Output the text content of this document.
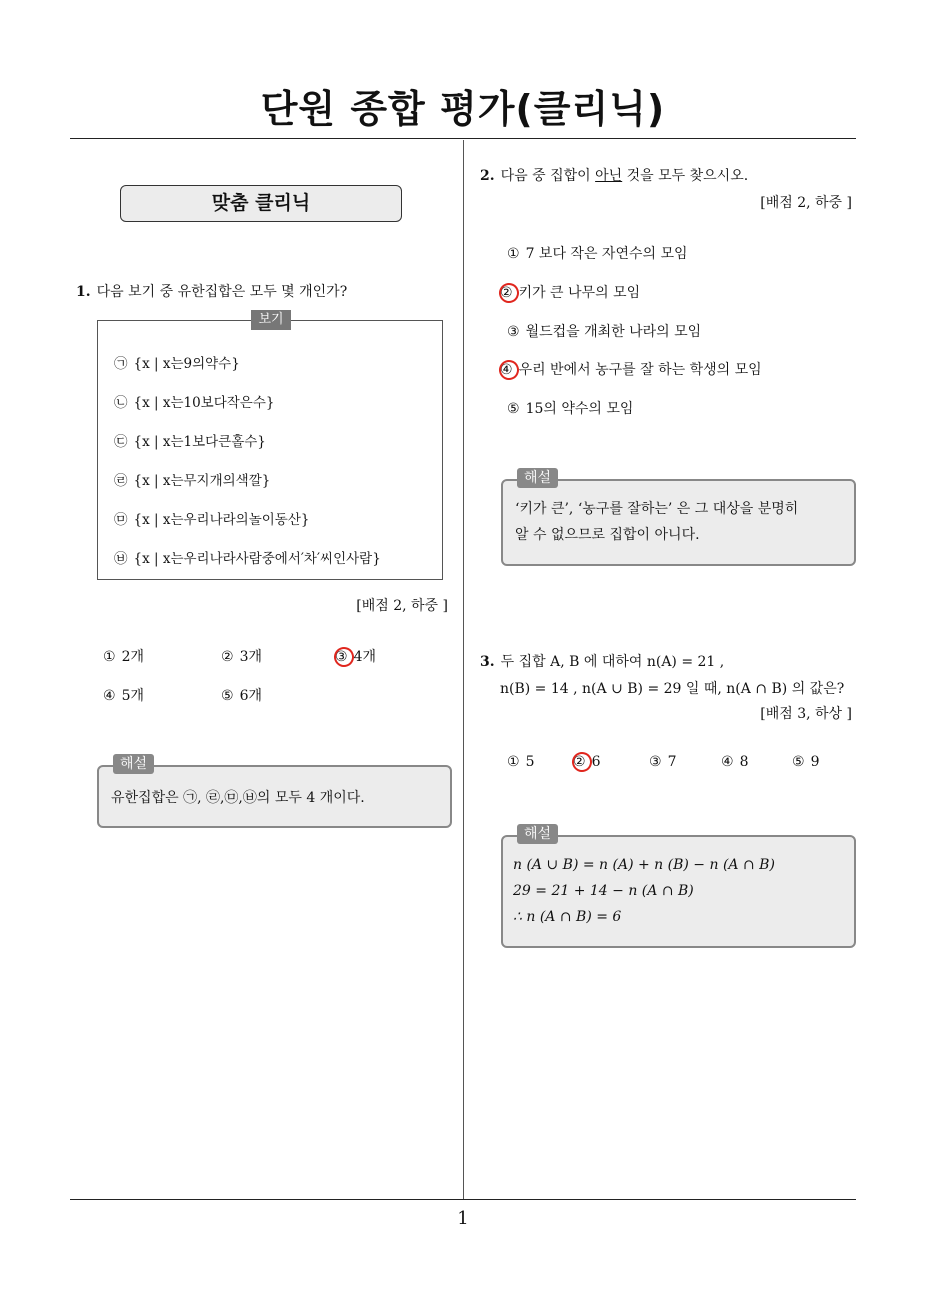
단원 종합 평가(클리닉)
1
맞춤 클리닉
1. 다음 보기 중 유한집합은 모두 몇 개인가?
보기
㉠ {x | x는9의약수}
㉡ {x | x는10보다작은수}
㉢ {x | x는1보다큰홀수}
㉣ {x | x는무지개의색깔}
㉤ {x | x는우리나라의놀이동산}
㉥ {x | x는우리나라사람중에서′차′씨인사람}
[배점 2, 하중 ]
① 2개	② 3개	③ 4개
④ 5개	⑤ 6개
해설
유한집합은 ㉠, ㉣,㉤,㉥의 모두 4 개이다.
2. 다음 중 집합이 아닌 것을 모두 찾으시오.
[배점 2, 하중 ]
① 7 보다 작은 자연수의 모임
② 키가 큰 나무의 모임
③ 월드컵을 개최한 나라의 모임
④ 우리 반에서 농구를 잘 하는 학생의 모임
⑤ 15의 약수의 모임
해설
‘키가 큰’, ‘농구를 잘하는’ 은 그 대상을 분명히
알 수 없으므로 집합이 아니다.
3. 두 집합 A, B 에 대하여 n(A) = 21 ,
n(B) = 14 , n(A ∪ B) = 29 일 때, n(A ∩ B) 의 값은?
[배점 3, 하상 ]
① 5	② 6	③ 7	④ 8	⑤ 9
해설
n (A ∪ B) = n (A) + n (B) − n (A ∩ B)
29 = 21 + 14 − n (A ∩ B)
∴ n (A ∩ B) = 6
